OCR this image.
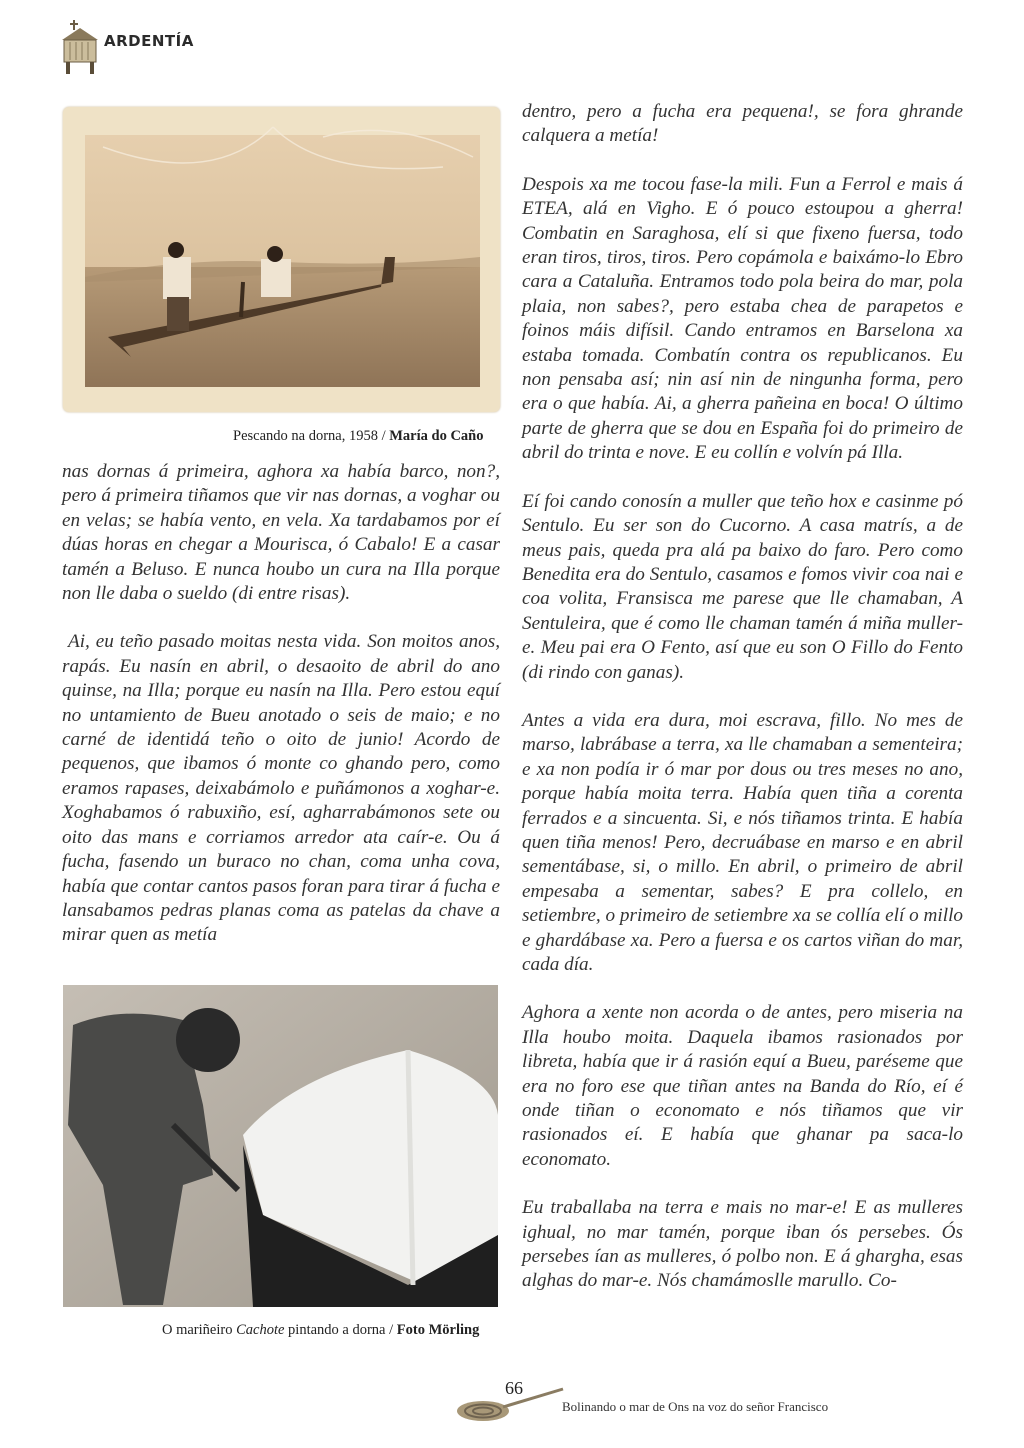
ARDENTÍA
Pescando na dorna, 1958 / María do Caño

nas dornas á primeira, aghora xa había barco, non?, pero á primeira tiñamos que vir nas dornas, a voghar ou en velas; se había vento, en vela. Xa tardabamos por eí dúas horas en chegar a Mourisca, ó Cabalo! E a casar tamén a Beluso. E nunca houbo un cura na Illa porque non lle daba o sueldo (di entre risas).

Ai, eu teño pasado moitas nesta vida. Son moitos anos, rapás. Eu nasín en abril, o desaoito de abril do ano quinse, na Illa; porque eu nasín na Illa. Pero estou equí no untamiento de Bueu anotado o seis de maio; e no carné de identidá teño o oito de junio! Acordo de pequenos, que ibamos ó monte co ghando pero, como eramos rapases, deixabámolo e puñámonos a xoghar-e. Xoghabamos ó rabuxiño, esí, agharrabámonos sete ou oito das mans e corriamos arredor ata caír-e. Ou á fucha, fasendo un buraco no chan, coma unha cova, había que contar cantos pasos foran para tirar á fucha e lansabamos pedras planas coma as patelas da chave a mirar quen as metía

O mariñeiro Cachote pintando a dorna / Foto Mörling

dentro, pero a fucha era pequena!, se fora ghrande calquera a metía!

Despois xa me tocou fase-la mili. Fun a Ferrol e mais á ETEA, alá en Vigho. E ó pouco estoupou a gherra! Combatin en Saraghosa, elí si que fixeno fuersa, todo eran tiros, tiros, tiros. Pero copámola e baixámo-lo Ebro cara a Cataluña. Entramos todo pola beira do mar, pola plaia, non sabes?, pero estaba chea de parapetos e foinos máis difísil. Cando entramos en Barselona xa estaba tomada. Combatín contra os republicanos. Eu non pensaba así; nin así nin de ningunha forma, pero era o que había. Ai, a gherra pañeina en boca! O último parte de gherra que se dou en España foi do primeiro de abril do trinta e nove. E eu collín e volvín pá Illa.

Eí foi cando conosín a muller que teño hox e casinme pó Sentulo. Eu ser son do Cucorno. A casa matrís, a de meus pais, queda pra alá pa baixo do faro. Pero como Benedita era do Sentulo, casamos e fomos vivir coa nai e coa volita, Fransisca me parese que lle chamaban, A Sentuleira, que é como lle chaman tamén á miña muller-e. Meu pai era O Fento, así que eu son O Fillo do Fento (di rindo con ganas).

Antes a vida era dura, moi escrava, fillo. No mes de marso, labrábase a terra, xa lle chamaban a sementeira; e xa non podía ir ó mar por dous ou tres meses no ano, porque había moita terra. Había quen tiña a corenta ferrados e a sincuenta. Si, e nós tiñamos trinta. E había quen tiña menos! Pero, decruábase en marso e en abril sementábase, si, o millo. En abril, o primeiro de abril empesaba a sementar, sabes? E pra collelo, en setiembre, o primeiro de setiembre xa se collía elí o millo e ghardábase xa. Pero a fuersa e os cartos viñan do mar, cada día.

Aghora a xente non acorda o de antes, pero miseria na Illa houbo moita. Daquela ibamos rasionados por libreta, había que ir á rasión equí a Bueu, paréseme que era no foro ese que tiñan antes na Banda do Río, eí é onde tiñan o economato e nós tiñamos que vir rasionados eí. E había que ghanar pa saca-lo economato.

Eu traballaba na terra e mais no mar-e! E as mulleres ighual, no mar tamén, porque iban ós persebes. Ós persebes ían as mulleres, ó polbo non. E á ghargha, esas alghas do mar-e. Nós chamámoslle marullo. Co-

66
Bolinando o mar de Ons na voz do señor Francisco
